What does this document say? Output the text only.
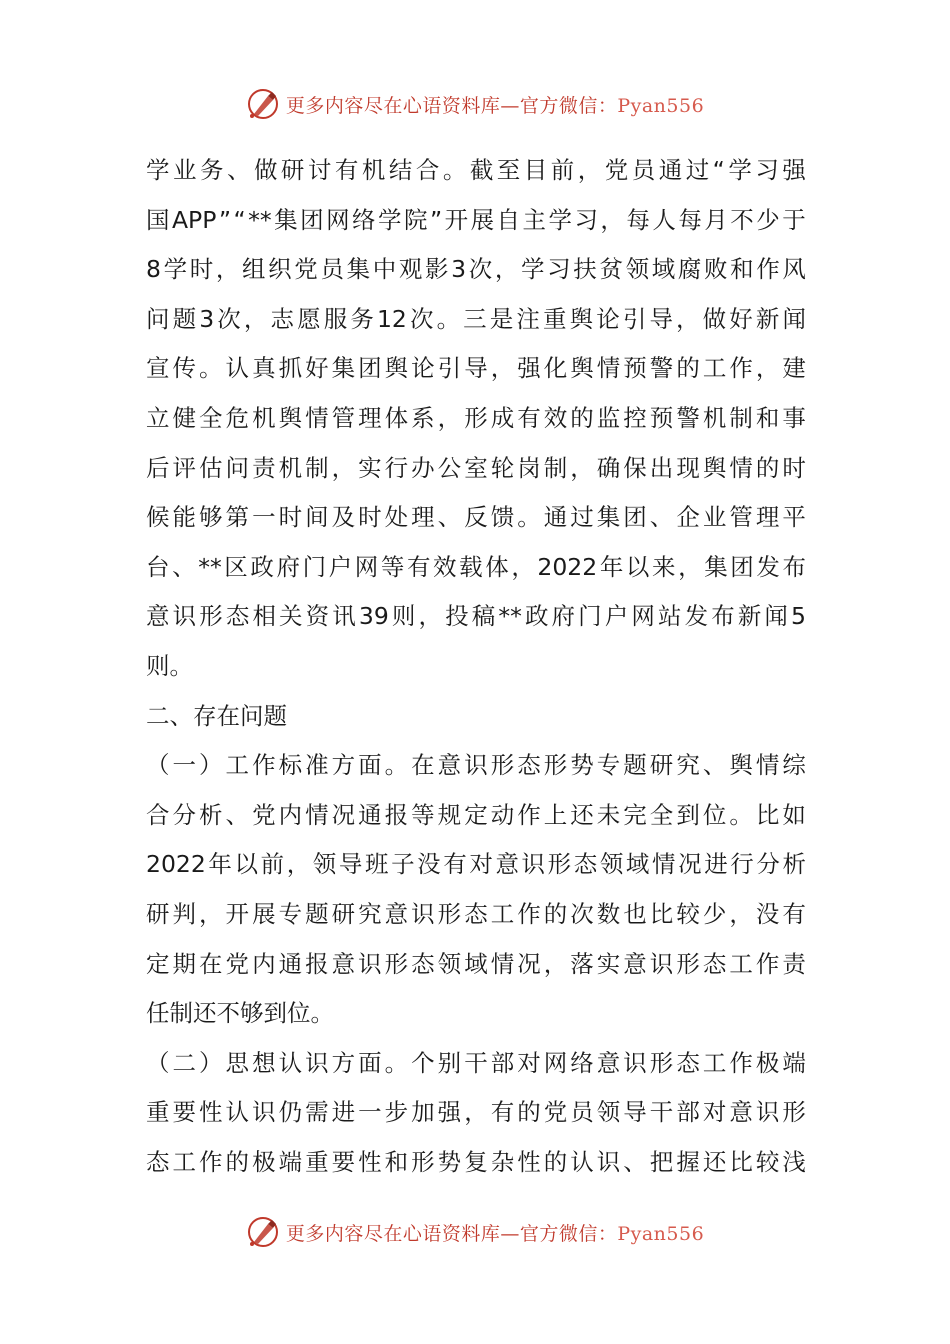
更多内容尽在心语资料库—官方微信：Pyan556
学 业 务 、 做 研 讨 有 机 结 合 。 截 至 目 前 ， 党 员 通 过 “ 学 习 强
国 APP ” “ ** 集 团 网 络 学 院 ” 开 展 自 主 学 习 ， 每 人 每 月 不 少 于
8 学 时 ， 组 织 党 员 集 中 观 影 3 次 ， 学 习 扶 贫 领 域 腐 败 和 作 风
问 题 3 次 ， 志 愿 服 务 12 次 。 三 是 注 重 舆 论 引 导 ， 做 好 新 闻
宣 传 。 认 真 抓 好 集 团 舆 论 引 导 ， 强 化 舆 情 预 警 的 工 作 ， 建
立 健 全 危 机 舆 情 管 理 体 系 ， 形 成 有 效 的 监 控 预 警 机 制 和 事
后 评 估 问 责 机 制 ， 实 行 办 公 室 轮 岗 制 ， 确 保 出 现 舆 情 的 时
候 能 够 第 一 时 间 及 时 处 理 、 反 馈 。 通 过 集 团 、 企 业 管 理 平
台 、 ** 区 政 府 门 户 网 等 有 效 载 体 ， 2022 年 以 来 ， 集 团 发 布
意 识 形 态 相 关 资 讯 39 则 ， 投 稿 ** 政 府 门 户 网 站 发 布 新 闻 5
则。
二、存在问题
（ 一 ） 工 作 标 准 方 面 。 在 意 识 形 态 形 势 专 题 研 究 、 舆 情 综
合 分 析 、 党 内 情 况 通 报 等 规 定 动 作 上 还 未 完 全 到 位 。 比 如
2022 年 以 前 ， 领 导 班 子 没 有 对 意 识 形 态 领 域 情 况 进 行 分 析
研 判 ， 开 展 专 题 研 究 意 识 形 态 工 作 的 次 数 也 比 较 少 ， 没 有
定 期 在 党 内 通 报 意 识 形 态 领 域 情 况 ， 落 实 意 识 形 态 工 作 责
任制还不够到位。
（ 二 ） 思 想 认 识 方 面 。 个 别 干 部 对 网 络 意 识 形 态 工 作 极 端
重 要 性 认 识 仍 需 进 一 步 加 强 ， 有 的 党 员 领 导 干 部 对 意 识 形
态 工 作 的 极 端 重 要 性 和 形 势 复 杂 性 的 认 识 、 把 握 还 比 较 浅
更多内容尽在心语资料库—官方微信：Pyan556
